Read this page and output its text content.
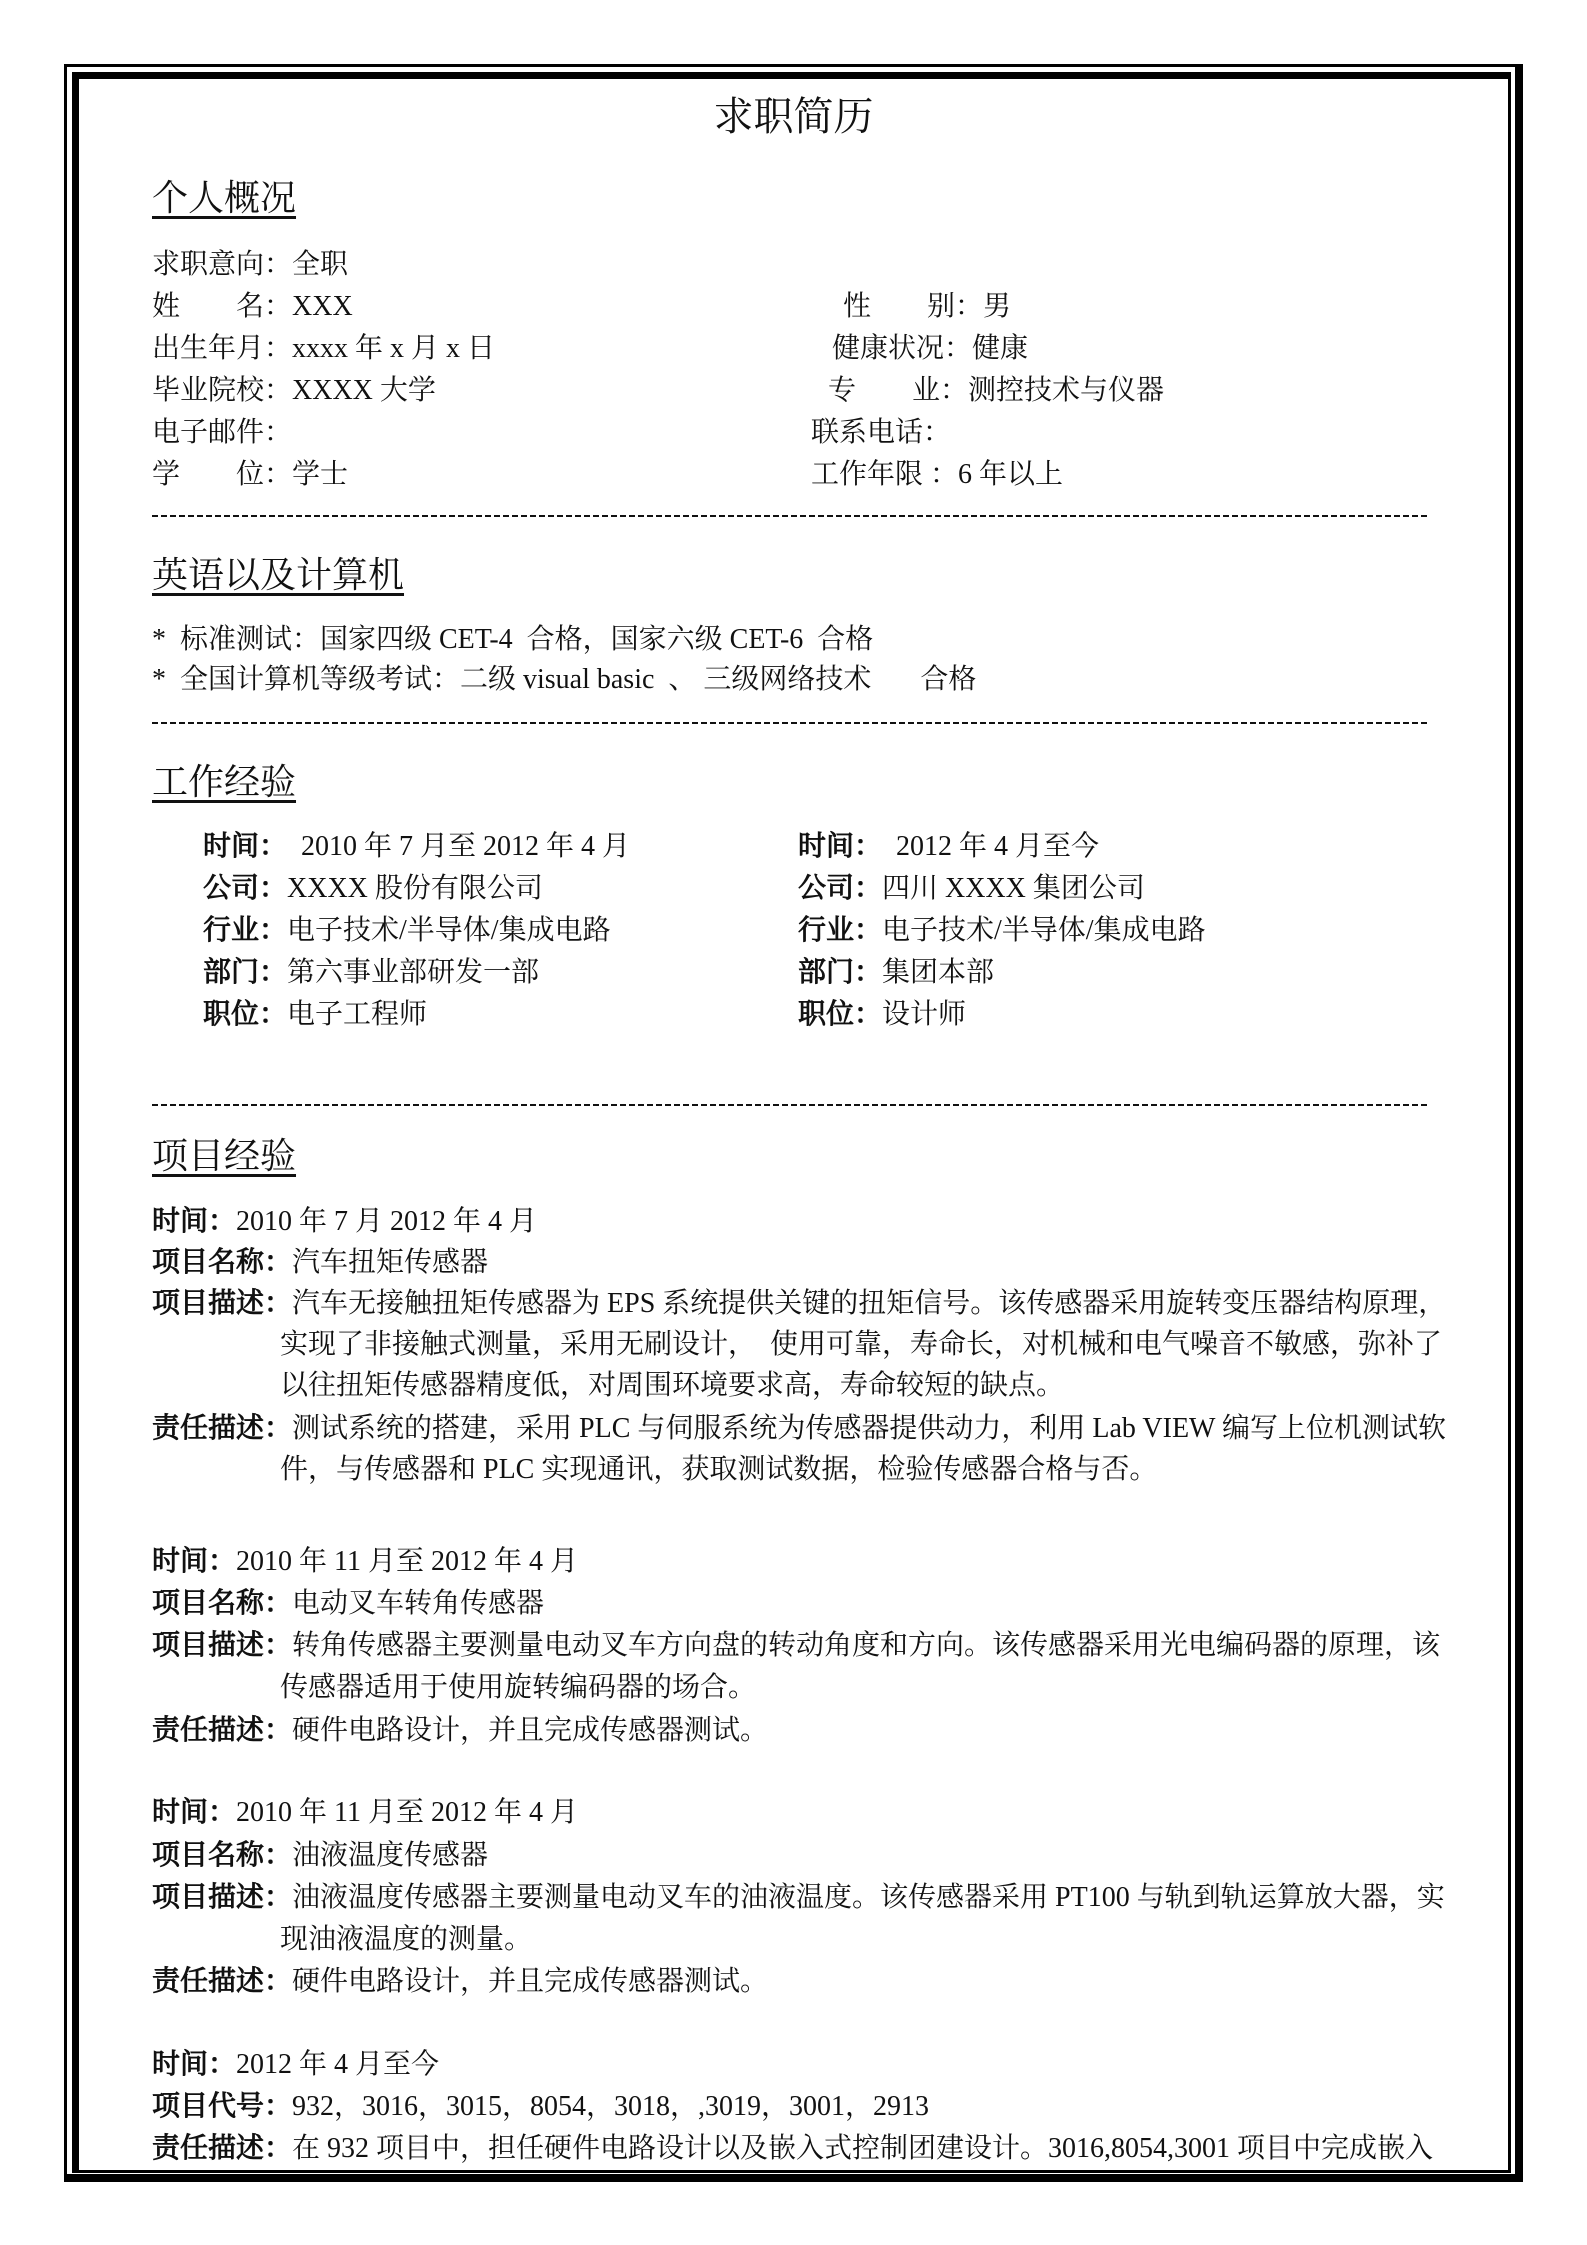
求职简历
个人概况
求职意向：全职
姓　　名：XXX
出生年月：xxxx 年 x 月 x 日
毕业院校：XXXX 大学
电子邮件：
学　　位：学士
性　　别：男
健康状况：健康
专　　业：测控技术与仪器
联系电话：
工作年限 ：6 年以上
英语以及计算机
*  标准测试：国家四级 CET-4  合格，国家六级 CET-6  合格
*  全国计算机等级考试：二级 visual basic  、 三级网络技术       合格
工作经验
时间：  2010 年 7 月至 2012 年 4 月
公司：XXXX 股份有限公司
行业：电子技术/半导体/集成电路
部门：第六事业部研发一部
职位：电子工程师
时间：  2012 年 4 月至今
公司：四川 XXXX 集团公司
行业：电子技术/半导体/集成电路
部门：集团本部
职位：设计师
项目经验
时间：2010 年 7 月 2012 年 4 月
项目名称：汽车扭矩传感器
项目描述：汽车无接触扭矩传感器为 EPS 系统提供关键的扭矩信号。该传感器采用旋转变压器结构原理，
实现了非接触式测量，采用无刷设计，  使用可靠，寿命长，对机械和电气噪音不敏感，弥补了
以往扭矩传感器精度低，对周围环境要求高，寿命较短的缺点。
责任描述：测试系统的搭建，采用 PLC 与伺服系统为传感器提供动力，利用 Lab VIEW 编写上位机测试软
件，与传感器和 PLC 实现通讯，获取测试数据，检验传感器合格与否。
时间：2010 年 11 月至 2012 年 4 月
项目名称：电动叉车转角传感器
项目描述：转角传感器主要测量电动叉车方向盘的转动角度和方向。该传感器采用光电编码器的原理，该
传感器适用于使用旋转编码器的场合。
责任描述：硬件电路设计，并且完成传感器测试。
时间：2010 年 11 月至 2012 年 4 月
项目名称：油液温度传感器
项目描述：油液温度传感器主要测量电动叉车的油液温度。该传感器采用 PT100 与轨到轨运算放大器，实
现油液温度的测量。
责任描述：硬件电路设计，并且完成传感器测试。
时间：2012 年 4 月至今
项目代号：932，3016，3015，8054，3018，,3019，3001，2913
责任描述：在 932 项目中，担任硬件电路设计以及嵌入式控制团建设计。3016,8054,3001 项目中完成嵌入
